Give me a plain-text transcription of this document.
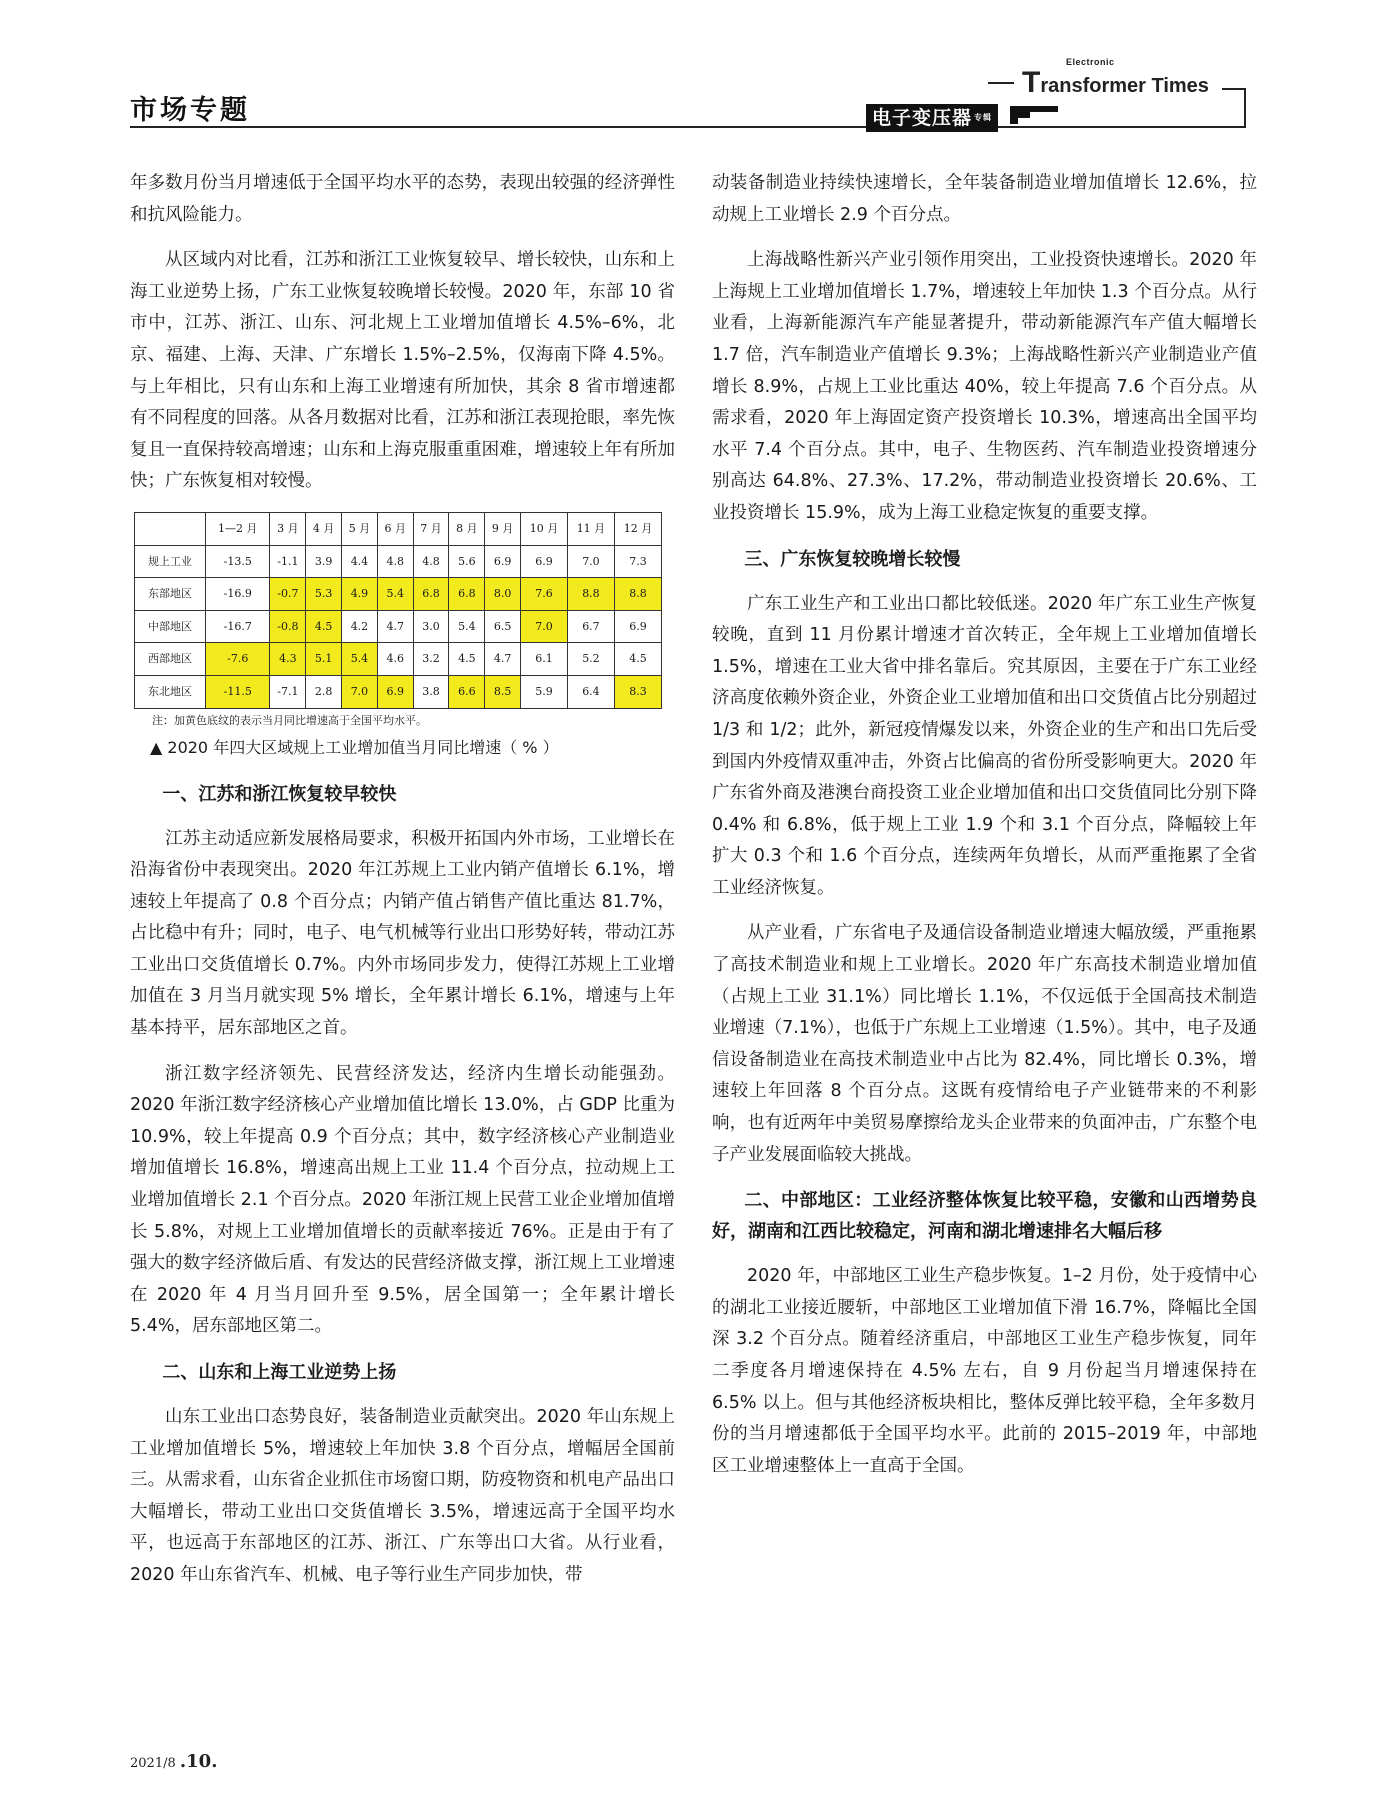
市场专题
Electronic
Transformer Times
电子变压器 $^{专辑}$

年多数月份当月增速低于全国平均水平的态势，表现出较强的经济弹性和抗风险能力。

从区域内对比看，江苏和浙江工业恢复较早、增长较快，山东和上海工业逆势上扬，广东工业恢复较晚增长较慢。2020 年，东部 10 省市中，江苏、浙江、山东、河北规上工业增加值增长 4.5%–6%，北京、福建、上海、天津、广东增长 1.5%–2.5%，仅海南下降 4.5%。与上年相比，只有山东和上海工业增速有所加快，其余 8 省市增速都有不同程度的回落。从各月数据对比看，江苏和浙江表现抢眼，率先恢复且一直保持较高增速；山东和上海克服重重困难，增速较上年有所加快；广东恢复相对较慢。

	1—2 月	3 月	4 月	5 月	6 月	7 月	8 月	9 月	10 月	11 月	12 月
规上工业	-13.5	-1.1	3.9	4.4	4.8	4.8	5.6	6.9	6.9	7.0	7.3
东部地区	-16.9	-0.7	5.3	4.9	5.4	6.8	6.8	8.0	7.6	8.8	8.8
中部地区	-16.7	-0.8	4.5	4.2	4.7	3.0	5.4	6.5	7.0	6.7	6.9
西部地区	-7.6	4.3	5.1	5.4	4.6	3.2	4.5	4.7	6.1	5.2	4.5
东北地区	-11.5	-7.1	2.8	7.0	6.9	3.8	6.6	8.5	5.9	6.4	8.3
注：加黄色底纹的表示当月同比增速高于全国平均水平。
▲ 2020 年四大区域规上工业增加值当月同比增速（ % ）
一、江苏和浙江恢复较早较快

江苏主动适应新发展格局要求，积极开拓国内外市场，工业增长在沿海省份中表现突出。2020 年江苏规上工业内销产值增长 6.1%，增速较上年提高了 0.8 个百分点；内销产值占销售产值比重达 81.7%，占比稳中有升；同时，电子、电气机械等行业出口形势好转，带动江苏工业出口交货值增长 0.7%。内外市场同步发力，使得江苏规上工业增加值在 3 月当月就实现 5% 增长，全年累计增长 6.1%，增速与上年基本持平，居东部地区之首。

浙江数字经济领先、民营经济发达，经济内生增长动能强劲。2020 年浙江数字经济核心产业增加值比增长 13.0%，占 GDP 比重为 10.9%，较上年提高 0.9 个百分点；其中，数字经济核心产业制造业增加值增长 16.8%，增速高出规上工业 11.4 个百分点，拉动规上工业增加值增长 2.1 个百分点。2020 年浙江规上民营工业企业增加值增长 5.8%，对规上工业增加值增长的贡献率接近 76%。正是由于有了强大的数字经济做后盾、有发达的民营经济做支撑，浙江规上工业增速在 2020 年 4 月当月回升至 9.5%，居全国第一；全年累计增长 5.4%，居东部地区第二。

二、山东和上海工业逆势上扬

山东工业出口态势良好，装备制造业贡献突出。2020 年山东规上工业增加值增长 5%，增速较上年加快 3.8 个百分点，增幅居全国前三。从需求看，山东省企业抓住市场窗口期，防疫物资和机电产品出口大幅增长，带动工业出口交货值增长 3.5%，增速远高于全国平均水平，也远高于东部地区的江苏、浙江、广东等出口大省。从行业看，2020 年山东省汽车、机械、电子等行业生产同步加快，带

动装备制造业持续快速增长，全年装备制造业增加值增长 12.6%，拉动规上工业增长 2.9 个百分点。

上海战略性新兴产业引领作用突出，工业投资快速增长。2020 年上海规上工业增加值增长 1.7%，增速较上年加快 1.3 个百分点。从行业看，上海新能源汽车产能显著提升，带动新能源汽车产值大幅增长 1.7 倍，汽车制造业产值增长 9.3%；上海战略性新兴产业制造业产值增长 8.9%，占规上工业比重达 40%，较上年提高 7.6 个百分点。从需求看，2020 年上海固定资产投资增长 10.3%，增速高出全国平均水平 7.4 个百分点。其中，电子、生物医药、汽车制造业投资增速分别高达 64.8%、27.3%、17.2%，带动制造业投资增长 20.6%、工业投资增长 15.9%，成为上海工业稳定恢复的重要支撑。

三、广东恢复较晚增长较慢

广东工业生产和工业出口都比较低迷。2020 年广东工业生产恢复较晚，直到 11 月份累计增速才首次转正，全年规上工业增加值增长 1.5%，增速在工业大省中排名靠后。究其原因，主要在于广东工业经济高度依赖外资企业，外资企业工业增加值和出口交货值占比分别超过 1/3 和 1/2；此外，新冠疫情爆发以来，外资企业的生产和出口先后受到国内外疫情双重冲击，外资占比偏高的省份所受影响更大。2020 年广东省外商及港澳台商投资工业企业增加值和出口交货值同比分别下降 0.4% 和 6.8%，低于规上工业 1.9 个和 3.1 个百分点，降幅较上年扩大 0.3 个和 1.6 个百分点，连续两年负增长，从而严重拖累了全省工业经济恢复。

从产业看，广东省电子及通信设备制造业增速大幅放缓，严重拖累了高技术制造业和规上工业增长。2020 年广东高技术制造业增加值（占规上工业 31.1%）同比增长 1.1%，不仅远低于全国高技术制造业增速（7.1%），也低于广东规上工业增速（1.5%）。其中，电子及通信设备制造业在高技术制造业中占比为 82.4%，同比增长 0.3%，增速较上年回落 8 个百分点。这既有疫情给电子产业链带来的不利影响，也有近两年中美贸易摩擦给龙头企业带来的负面冲击，广东整个电子产业发展面临较大挑战。

二、中部地区：工业经济整体恢复比较平稳，安徽和山西增势良好，湖南和江西比较稳定，河南和湖北增速排名大幅后移

2020 年，中部地区工业生产稳步恢复。1–2 月份，处于疫情中心的湖北工业接近腰斩，中部地区工业增加值下滑 16.7%，降幅比全国深 3.2 个百分点。随着经济重启，中部地区工业生产稳步恢复，同年二季度各月增速保持在 4.5% 左右，自 9 月份起当月增速保持在 6.5% 以上。但与其他经济板块相比，整体反弹比较平稳，全年多数月份的当月增速都低于全国平均水平。此前的 2015–2019 年，中部地区工业增速整体上一直高于全国。

2021/8 .10.
